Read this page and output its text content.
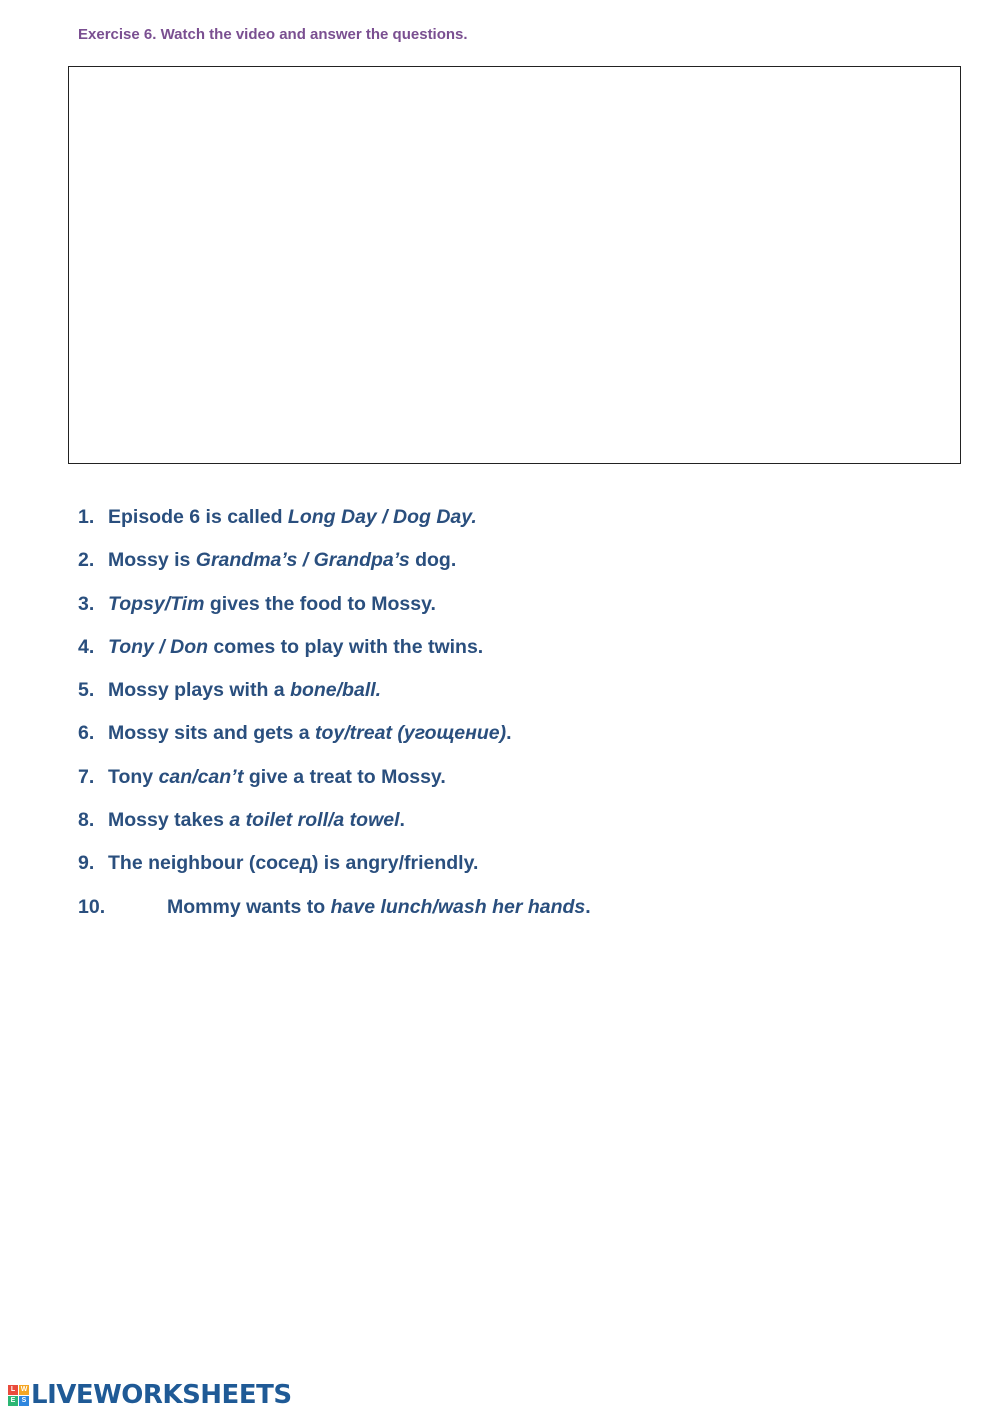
Exercise 6. Watch the video and answer the questions.
1. Episode 6 is called Long Day / Dog Day.
2. Mossy is Grandma’s / Grandpa’s dog.
3. Topsy/Tim gives the food to Mossy.
4. Tony / Don comes to play with the twins.
5. Mossy plays with a bone/ball.
6. Mossy sits and gets a toy/treat (угощение).
7. Tony can/can’t give a treat to Mossy.
8. Mossy takes a toilet roll/a towel.
9. The neighbour (сосед) is angry/friendly.
10.	Mommy wants to have lunch/wash her hands.
L W
E S LIVEWORKSHEETS
